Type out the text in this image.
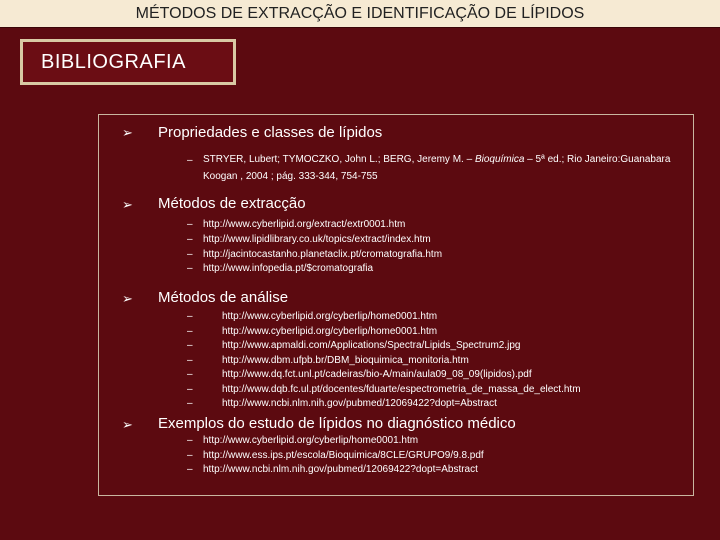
MÉTODOS DE EXTRACÇÃO E IDENTIFICAÇÃO DE LÍPIDOS
BIBLIOGRAFIA
➢ Propriedades e classes de lípidos
– STRYER, Lubert; TYMOCZKO, John L.; BERG, Jeremy M. – Bioquímica – 5ª ed.; Rio Janeiro:Guanabara
Koogan , 2004 ; pág. 333-344, 754-755
➢ Métodos de extracção
– http://www.cyberlipid.org/extract/extr0001.htm
– http://www.lipidlibrary.co.uk/topics/extract/index.htm
– http://jacintocastanho.planetaclix.pt/cromatografia.htm
– http://www.infopedia.pt/$cromatografia
➢ Métodos de análise
–	http://www.cyberlipid.org/cyberlip/home0001.htm
–	http://www.cyberlipid.org/cyberlip/home0001.htm
–	http://www.apmaldi.com/Applications/Spectra/Lipids_Spectrum2.jpg
–	http://www.dbm.ufpb.br/DBM_bioquimica_monitoria.htm
–	http://www.dq.fct.unl.pt/cadeiras/bio-A/main/aula09_08_09(lipidos).pdf
–	http://www.dqb.fc.ul.pt/docentes/fduarte/espectrometria_de_massa_de_elect.htm
–	http://www.ncbi.nlm.nih.gov/pubmed/12069422?dopt=Abstract
➢ Exemplos do estudo de lípidos no diagnóstico médico
– http://www.cyberlipid.org/cyberlip/home0001.htm
– http://www.ess.ips.pt/escola/Bioquimica/8CLE/GRUPO9/9.8.pdf
– http://www.ncbi.nlm.nih.gov/pubmed/12069422?dopt=Abstract
